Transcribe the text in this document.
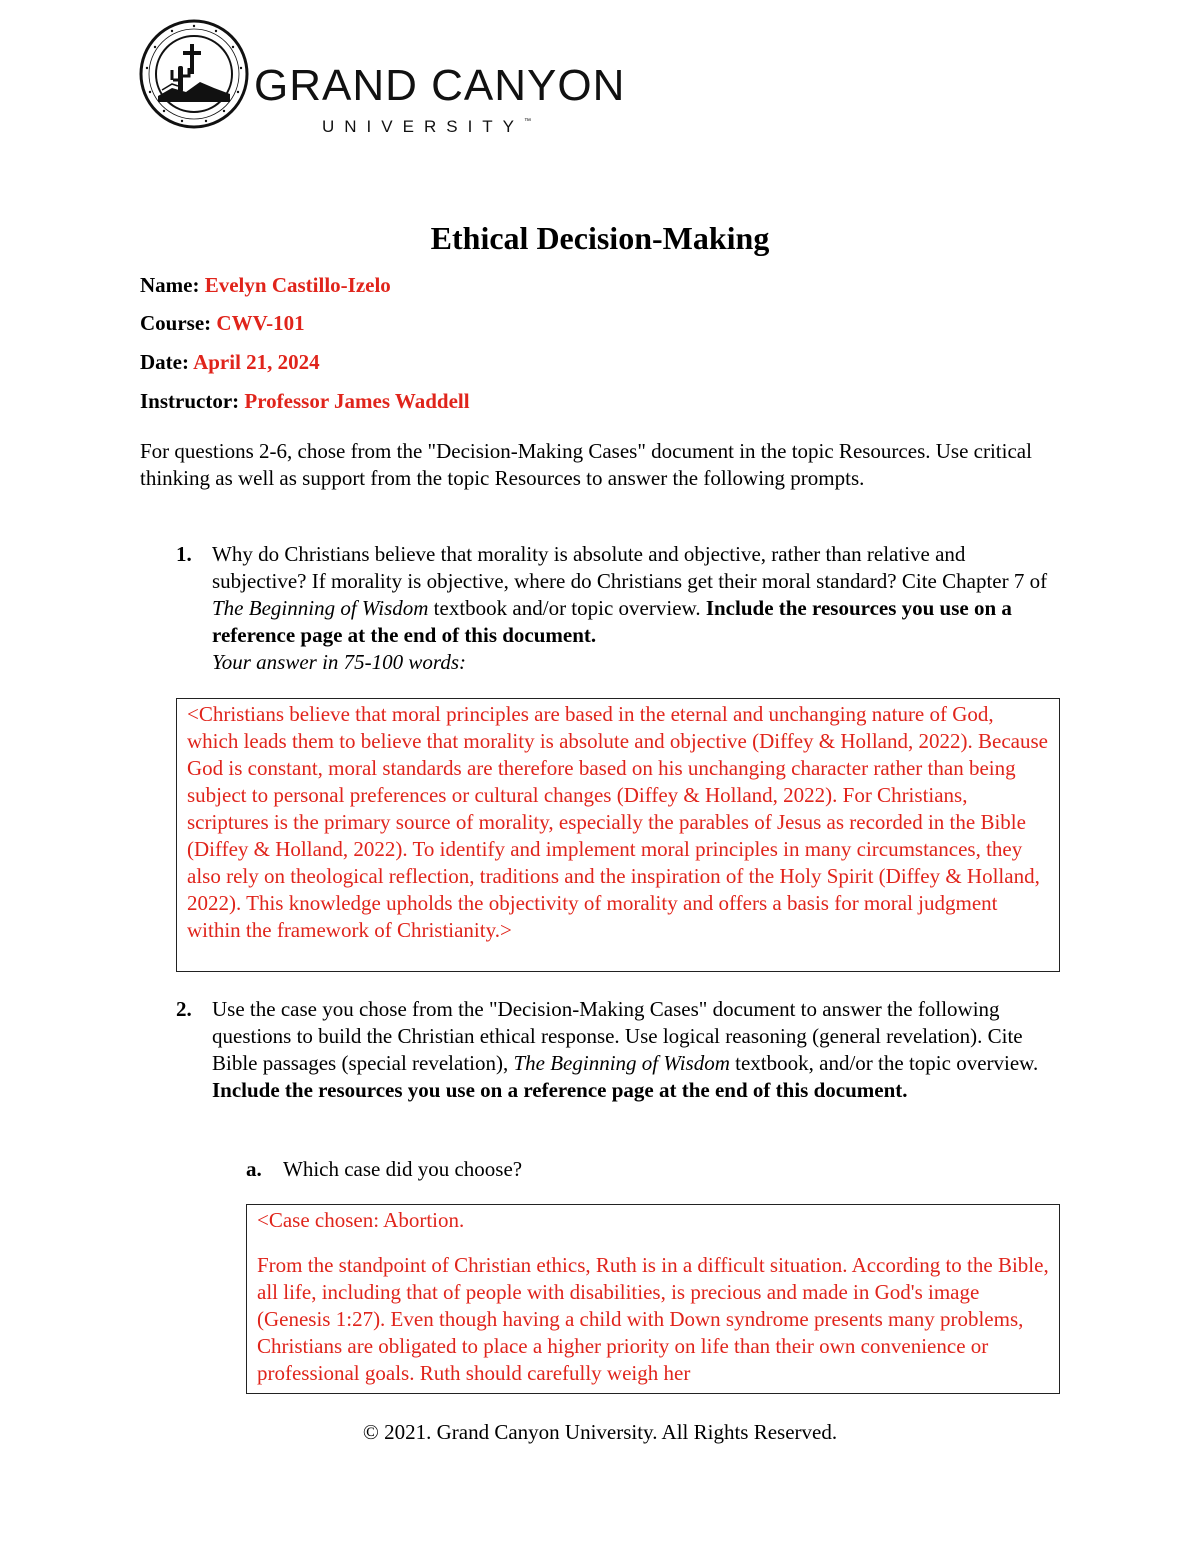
GRAND CANYON
UNIVERSITY™
Ethical Decision-Making
Name: Evelyn Castillo-Izelo
Course: CWV-101
Date: April 21, 2024
Instructor: Professor James Waddell
For questions 2-6, chose from the "Decision-Making Cases" document in the topic Resources. Use critical thinking as well as support from the topic Resources to answer the following prompts.
1. Why do Christians believe that morality is absolute and objective, rather than relative and subjective? If morality is objective, where do Christians get their moral standard? Cite Chapter 7 of The Beginning of Wisdom textbook and/or topic overview. Include the resources you use on a reference page at the end of this document.
Your answer in 75-100 words:
<Christians believe that moral principles are based in the eternal and unchanging nature of God, which leads them to believe that morality is absolute and objective (Diffey & Holland, 2022). Because God is constant, moral standards are therefore based on his unchanging character rather than being subject to personal preferences or cultural changes (Diffey & Holland, 2022). For Christians, scriptures is the primary source of morality, especially the parables of Jesus as recorded in the Bible (Diffey & Holland, 2022). To identify and implement moral principles in many circumstances, they also rely on theological reflection, traditions and the inspiration of the Holy Spirit (Diffey & Holland, 2022). This knowledge upholds the objectivity of morality and offers a basis for moral judgment within the framework of Christianity.>
2. Use the case you chose from the "Decision-Making Cases" document to answer the following questions to build the Christian ethical response. Use logical reasoning (general revelation). Cite Bible passages (special revelation), The Beginning of Wisdom textbook, and/or the topic overview. Include the resources you use on a reference page at the end of this document.
a. Which case did you choose?
<Case chosen: Abortion.
From the standpoint of Christian ethics, Ruth is in a difficult situation. According to the Bible, all life, including that of people with disabilities, is precious and made in God's image (Genesis 1:27). Even though having a child with Down syndrome presents many problems, Christians are obligated to place a higher priority on life than their own convenience or professional goals. Ruth should carefully weigh her
© 2021. Grand Canyon University. All Rights Reserved.
